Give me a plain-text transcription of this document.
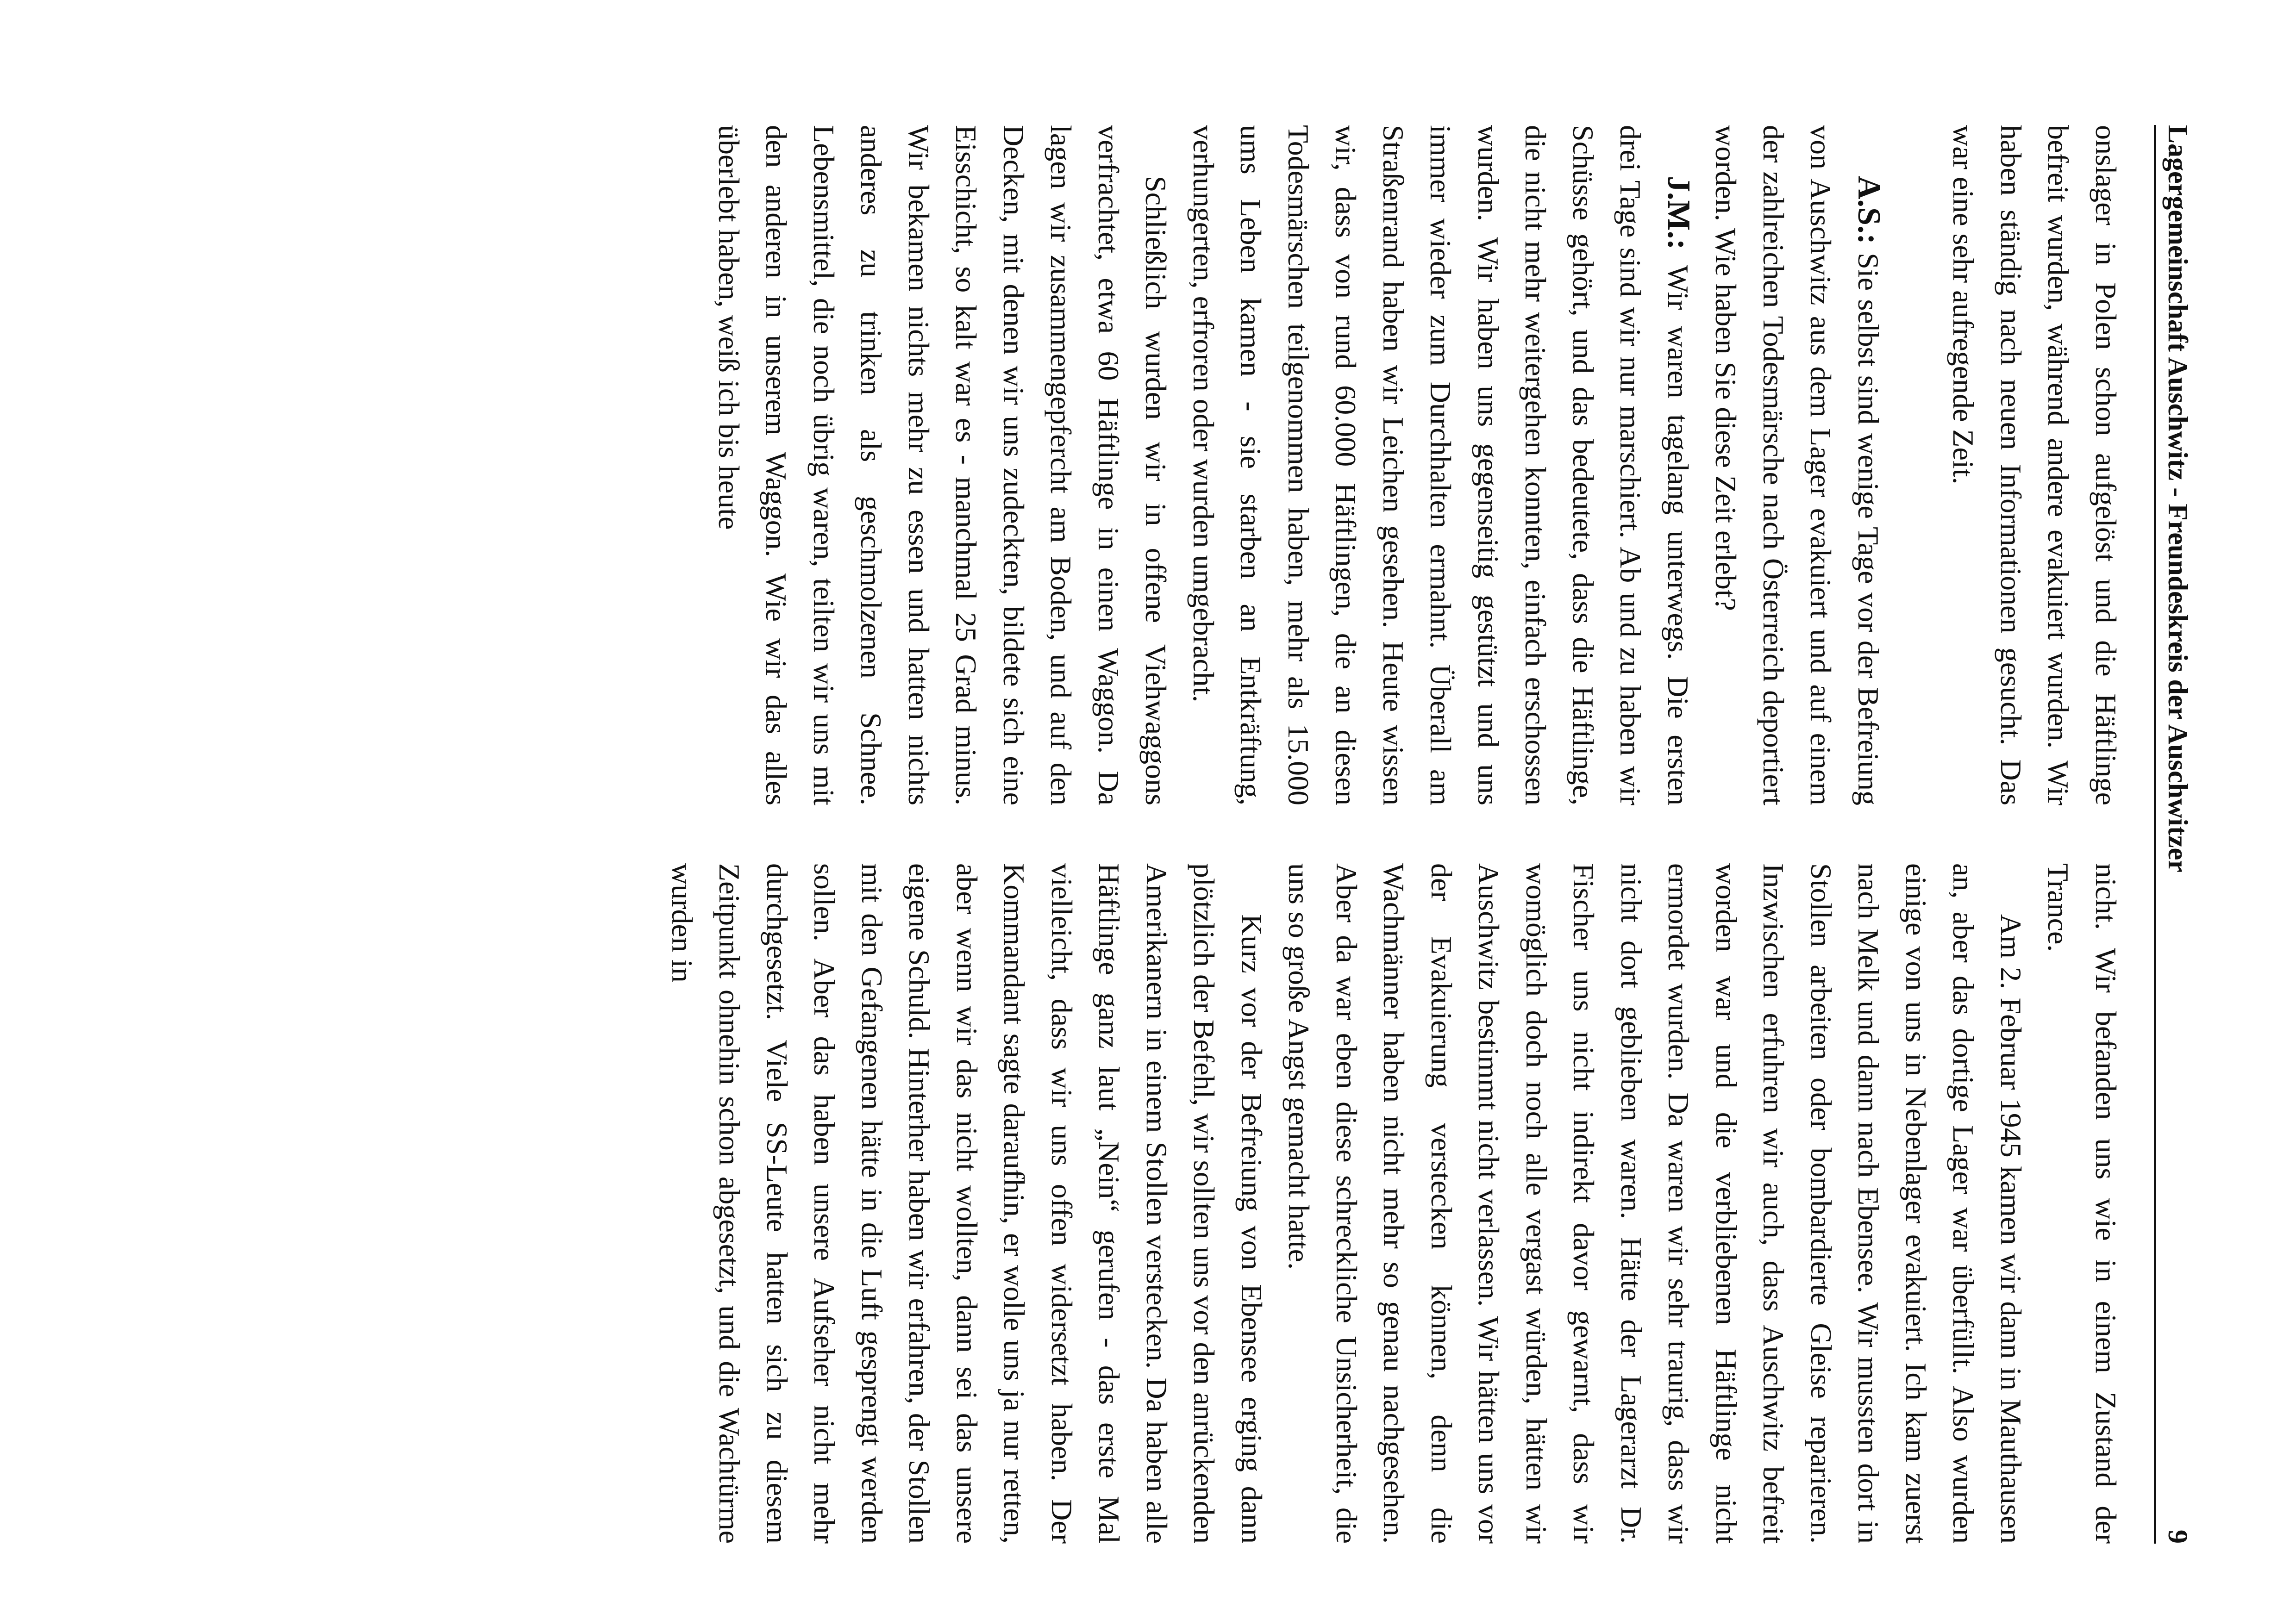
Lagergemeinschaft Auschwitz - Freundeskreis der Auschwitzer
9

onslager in Polen schon aufgelöst und die Häftlinge befreit wurden, während andere evakuiert wurden. Wir haben ständig nach neuen Informationen gesucht. Das war eine sehr aufregende Zeit.

A.S.: Sie selbst sind wenige Tage vor der Befreiung von Auschwitz aus dem Lager evakuiert und auf einem der zahlreichen Todesmärsche nach Österreich deportiert worden. Wie haben Sie diese Zeit erlebt?

J.M.: Wir waren tagelang unterwegs. Die ersten drei Tage sind wir nur marschiert. Ab und zu haben wir Schüsse gehört, und das bedeutete, dass die Häftlinge, die nicht mehr weitergehen konnten, einfach erschossen wurden. Wir haben uns gegenseitig gestützt und uns immer wieder zum Durchhalten ermahnt. Überall am Straßenrand haben wir Leichen gesehen. Heute wissen wir, dass von rund 60.000 Häftlingen, die an diesen Todesmärschen teilgenommen haben, mehr als 15.000 ums Leben kamen - sie starben an Entkräftung, verhungerten, erfroren oder wurden umgebracht.

Schließlich wurden wir in offene Viehwaggons verfrachtet, etwa 60 Häftlinge in einen Waggon. Da lagen wir zusammengepfercht am Boden, und auf den Decken, mit denen wir uns zudeckten, bildete sich eine Eisschicht, so kalt war es - manchmal 25 Grad minus. Wir bekamen nichts mehr zu essen und hatten nichts anderes zu trinken als geschmolzenen Schnee. Lebensmittel, die noch übrig waren, teilten wir uns mit den anderen in unserem Waggon. Wie wir das alles überlebt haben, weiß ich bis heute

nicht. Wir befanden uns wie in einem Zustand der Trance.

Am 2. Februar 1945 kamen wir dann in Mauthausen an, aber das dortige Lager war überfüllt. Also wurden einige von uns in Nebenlager evakuiert. Ich kam zuerst nach Melk und dann nach Ebensee. Wir mussten dort in Stollen arbeiten oder bombardierte Gleise reparieren. Inzwischen erfuhren wir auch, dass Auschwitz befreit worden war und die verbliebenen Häftlinge nicht ermordet wurden. Da waren wir sehr traurig, dass wir nicht dort geblieben waren. Hätte der Lagerarzt Dr. Fischer uns nicht indirekt davor gewarnt, dass wir womöglich doch noch alle vergast würden, hätten wir Auschwitz bestimmt nicht verlassen. Wir hätten uns vor der Evakuierung verstecken können, denn die Wachmänner haben nicht mehr so genau nachgesehen. Aber da war eben diese schreckliche Unsicherheit, die uns so große Angst gemacht hatte.

Kurz vor der Befreiung von Ebensee erging dann plötzlich der Befehl, wir sollten uns vor den anrückenden Amerikanern in einem Stollen verstecken. Da haben alle Häftlinge ganz laut „Nein“ gerufen - das erste Mal vielleicht, dass wir uns offen widersetzt haben. Der Kommandant sagte daraufhin, er wolle uns ja nur retten, aber wenn wir das nicht wollten, dann sei das unsere eigene Schuld. Hinterher haben wir erfahren, der Stollen mit den Gefangenen hätte in die Luft gesprengt werden sollen. Aber das haben unsere Aufseher nicht mehr durchgesetzt. Viele SS-Leute hatten sich zu diesem Zeitpunkt ohnehin schon abgesetzt, und die Wachtürme wurden in
